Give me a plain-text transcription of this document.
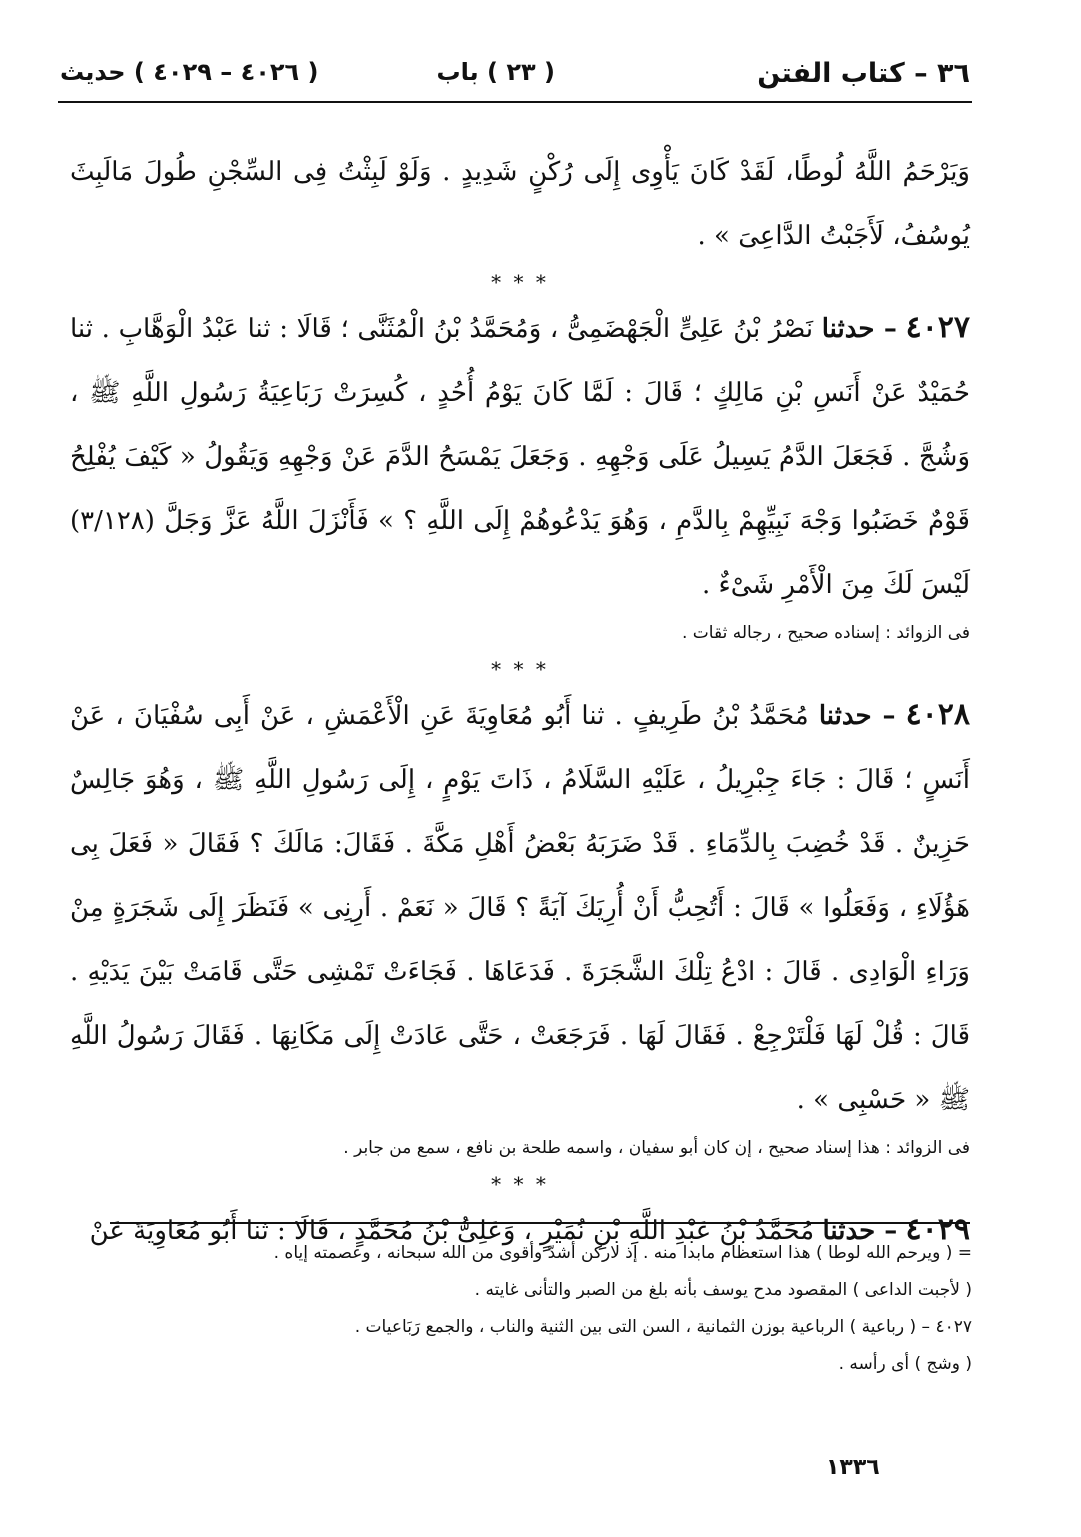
٣٦ – كتاب الفتن
( ٢٣ ) باب
( ٤٠٢٦ – ٤٠٢٩ ) حديث

وَيَرْحَمُ اللَّهُ لُوطًا، لَقَدْ كَانَ يَأْوِى إِلَى رُكْنٍ شَدِيدٍ . وَلَوْ لَبِثْتُ فِى السِّجْنِ طُولَ مَالَبِثَ يُوسُفُ، لَأَجَبْتُ الدَّاعِىَ » .

* * *

٤٠٢٧ – حدثنا نَصْرُ بْنُ عَلِىٍّ الْجَهْضَمِىُّ ، وَمُحَمَّدُ بْنُ الْمُثَنَّى ؛ قَالَا : ثنا عَبْدُ الْوَهَّابِ . ثنا حُمَيْدٌ عَنْ أَنَسِ بْنِ مَالِكٍ ؛ قَالَ : لَمَّا كَانَ يَوْمُ أُحُدٍ ، كُسِرَتْ رَبَاعِيَةُ رَسُولِ اللَّهِ ﷺ ، وَشُجَّ . فَجَعَلَ الدَّمُ يَسِيلُ عَلَى وَجْهِهِ . وَجَعَلَ يَمْسَحُ الدَّمَ عَنْ وَجْهِهِ وَيَقُولُ « كَيْفَ يُفْلِحُ قَوْمٌ خَضَبُوا وَجْهَ نَبِيِّهِمْ بِالدَّمِ ، وَهُوَ يَدْعُوهُمْ إِلَى اللَّهِ ؟ » فَأَنْزَلَ اللَّهُ عَزَّ وَجَلَّ (٣/١٢٨) لَيْسَ لَكَ مِنَ الْأَمْرِ شَىْءٌ .

فى الزوائد : إسناده صحيح ، رجاله ثقات .

* * *

٤٠٢٨ – حدثنا مُحَمَّدُ بْنُ طَرِيفٍ . ثنا أَبُو مُعَاوِيَةَ عَنِ الْأَعْمَشِ ، عَنْ أَبِى سُفْيَانَ ، عَنْ أَنَسٍ ؛ قَالَ : جَاءَ جِبْرِيلُ ، عَلَيْهِ السَّلَامُ ، ذَاتَ يَوْمٍ ، إِلَى رَسُولِ اللَّهِ ﷺ ، وَهُوَ جَالِسٌ حَزِينٌ . قَدْ خُضِبَ بِالدِّمَاءِ . قَدْ ضَرَبَهُ بَعْضُ أَهْلِ مَكَّةَ . فَقَالَ: مَالَكَ ؟ فَقَالَ « فَعَلَ بِى هَؤُلَاءِ ، وَفَعَلُوا » قَالَ : أَتُحِبُّ أَنْ أُرِيَكَ آيَةً ؟ قَالَ « نَعَمْ . أَرِنِى » فَنَظَرَ إِلَى شَجَرَةٍ مِنْ وَرَاءِ الْوَادِى . قَالَ : ادْعُ تِلْكَ الشَّجَرَةَ . فَدَعَاهَا . فَجَاءَتْ تَمْشِى حَتَّى قَامَتْ بَيْنَ يَدَيْهِ . قَالَ : قُلْ لَهَا فَلْتَرْجِعْ . فَقَالَ لَهَا . فَرَجَعَتْ ، حَتَّى عَادَتْ إِلَى مَكَانِهَا . فَقَالَ رَسُولُ اللَّهِ ﷺ « حَسْبِى » .

فى الزوائد : هذا إسناد صحيح ، إن كان أبو سفيان ، واسمه طلحة بن نافع ، سمع من جابر .

* * *

٤٠٢٩ – حدثنا مُحَمَّدُ بْنُ عَبْدِ اللَّهِ بْنِ نُمَيْرٍ ، وَعَلِىُّ بْنُ مُحَمَّدٍ ، قَالَا : ثنا أَبُو مُعَاوِيَةَ عَنْ

= ( ويرحم الله لوطا ) هذا استعظام مابدا منه . إذ لاركن أشدّ وأقوى من الله سبحانه ، وعصمته إياه .

( لأجبت الداعى ) المقصود مدح يوسف بأنه بلغ من الصبر والتأنى غايته .

٤٠٢٧ – ( رباعية ) الرباعية بوزن الثمانية ، السن التى بين الثنية والناب ، والجمع رَبَاعيات .

( وشج ) أى رأسه .

١٣٣٦
